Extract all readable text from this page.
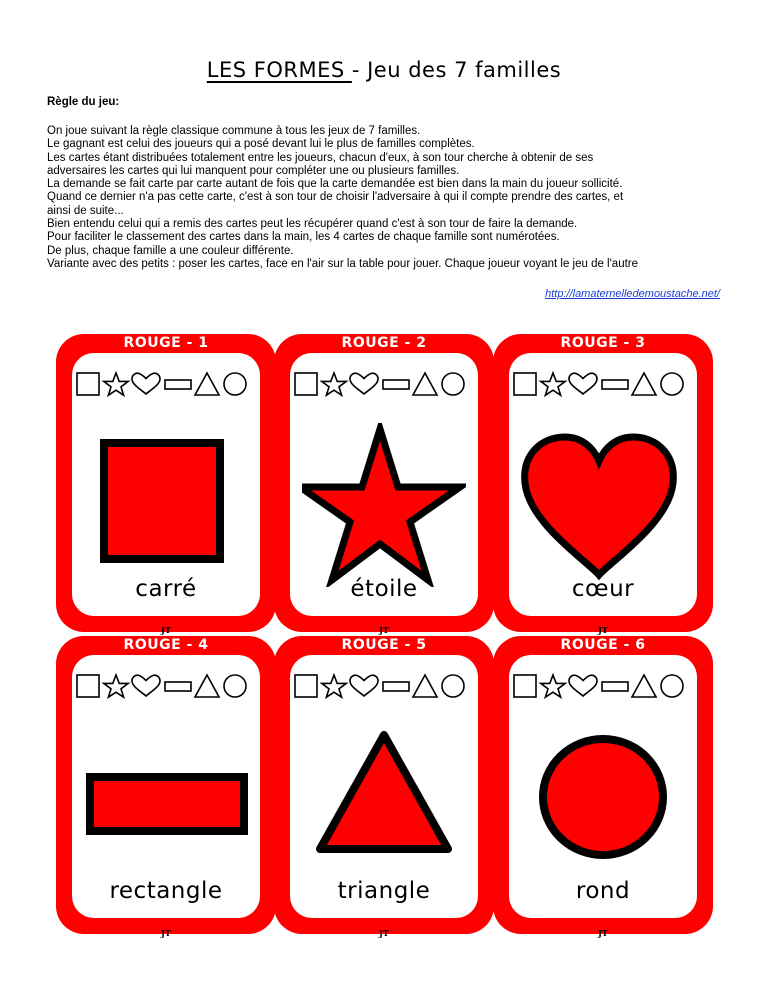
LES FORMES - Jeu des 7 familles
Règle du jeu:
On joue suivant la règle classique commune à tous les jeux de 7 familles.
Le gagnant est celui des joueurs qui a posé devant lui le plus de familles complètes.
Les cartes étant distribuées totalement entre les joueurs, chacun d'eux, à son tour cherche à obtenir de ses
adversaires les cartes qui lui manquent pour compléter une ou plusieurs familles.
La demande se fait carte par carte autant de fois que la carte demandée est bien dans la main du joueur sollicité.
Quand ce dernier n'a pas cette carte, c'est à son tour de choisir l'adversaire à qui il compte prendre des cartes, et
ainsi de suite...
Bien entendu celui qui a remis des cartes peut les récupérer quand c'est à son tour de faire la demande.
Pour faciliter le classement des cartes dans la main, les 4 cartes de chaque famille sont numérotées.
De plus, chaque famille a une couleur différente.
Variante avec des petits : poser les cartes, face en l'air sur la table pour jouer. Chaque joueur voyant le jeu de l'autre
http://lamaternelledemoustache.net/
ROUGE - 1
carré
ROUGE - 2
étoile
ROUGE - 3
cœur
JT	JT	JT
ROUGE - 4
rectangle
ROUGE - 5
triangle
ROUGE - 6
rond
JT	JT	JT
